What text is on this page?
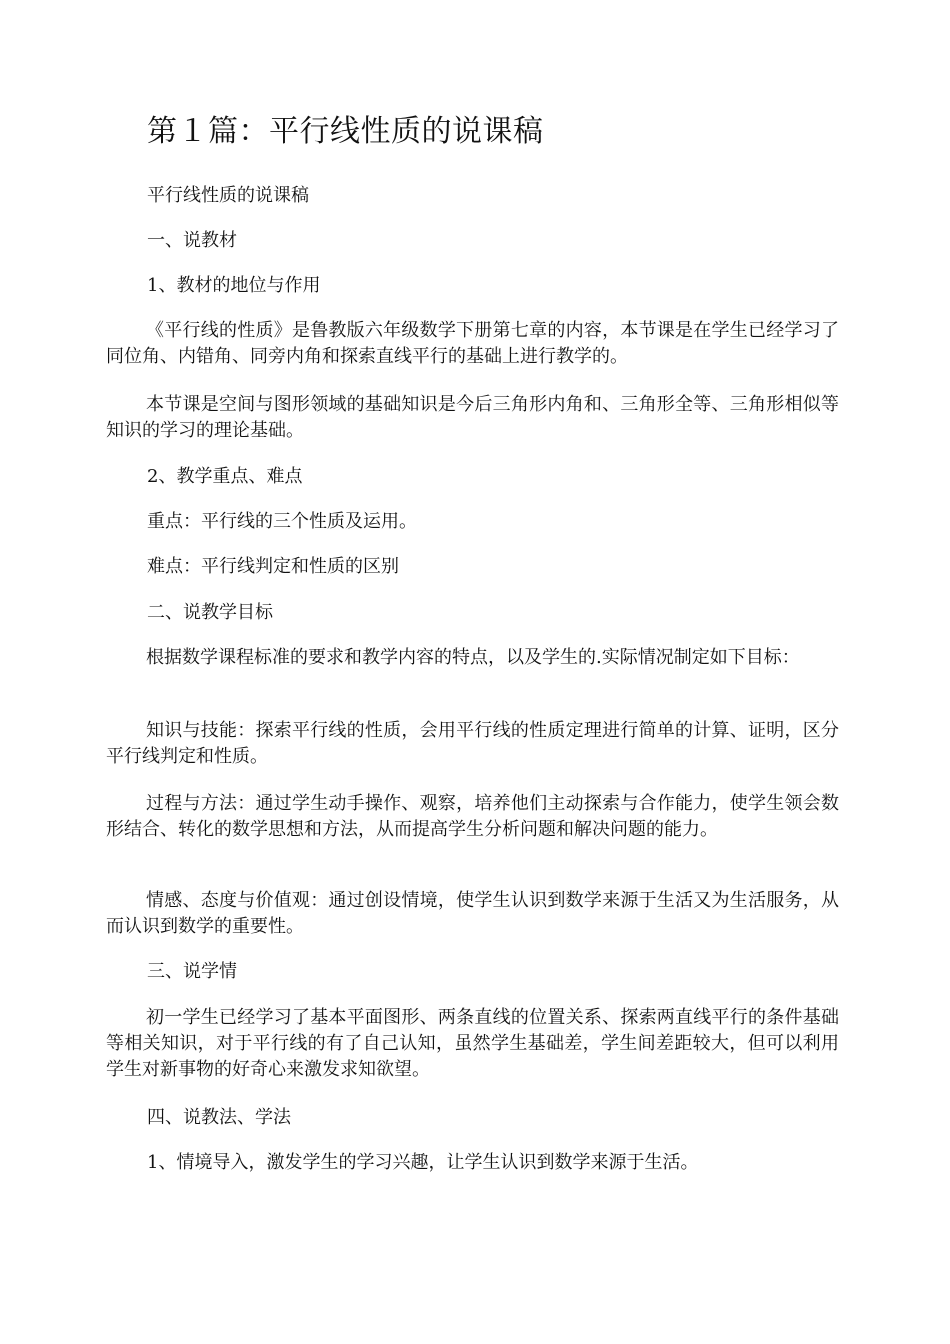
第１篇：平行线性质的说课稿
平行线性质的说课稿
一、说教材
1、教材的地位与作用
《平行线的性质》是鲁教版六年级数学下册第七章的内容，本节课是在学生已经学习了同位角、内错角、同旁内角和探索直线平行的基础上进行教学的。
本节课是空间与图形领域的基础知识是今后三角形内角和、三角形全等、三角形相似等知识的学习的理论基础。
2、教学重点、难点
重点：平行线的三个性质及运用。
难点：平行线判定和性质的区别
二、说教学目标
根据数学课程标准的要求和教学内容的特点，以及学生的.实际情况制定如下目标：
知识与技能：探索平行线的性质，会用平行线的性质定理进行简单的计算、证明，区分平行线判定和性质。
过程与方法：通过学生动手操作、观察，培养他们主动探索与合作能力，使学生领会数形结合、转化的数学思想和方法，从而提高学生分析问题和解决问题的能力。
情感、态度与价值观：通过创设情境，使学生认识到数学来源于生活又为生活服务，从而认识到数学的重要性。
三、说学情
初一学生已经学习了基本平面图形、两条直线的位置关系、探索两直线平行的条件基础等相关知识，对于平行线的有了自己认知，虽然学生基础差，学生间差距较大，但可以利用学生对新事物的好奇心来激发求知欲望。
四、说教法、学法
1、情境导入，激发学生的学习兴趣，让学生认识到数学来源于生活。
